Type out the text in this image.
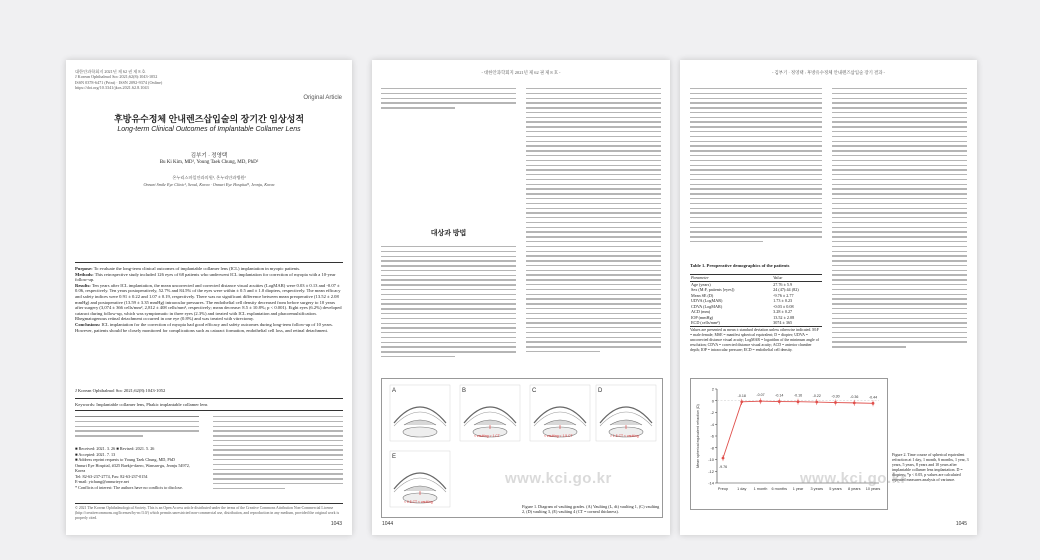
대한안과학회지 2021년 제 62 권 제 8 호
J Korean Ophthalmol Soc 2021;62(8):1043-1052
ISSN 0378-6471 (Print) · ISSN 2092-9374 (Online)
https://doi.org/10.3341/jkos.2021.62.8.1043
Original Article
후방유수정체 안내렌즈삽입술의 장기간 임상성적
Long-term Clinical Outcomes of Implantable Collamer Lens
김부기 · 정영택
Bu Ki Kim, MD¹, Young Taek Chung, MD, PhD²
온누리스마일안과의원¹, 온누리안과병원²
Onnuri Smile Eye Clinic¹, Seoul, Korea · Onnuri Eye Hospital², Jeonju, Korea
Purpose: To evaluate the long-term clinical outcomes of implantable collamer lens (ICL) implantation in myopic patients.
Methods: This retrospective study included 126 eyes of 68 patients who underwent ICL implantation for correction of myopia with a 10-year follow-up.
Results: Ten years after ICL implantation, the mean uncorrected and corrected distance visual acuities (LogMAR) were 0.03 ± 0.13 and -0.07 ± 0.06, respectively. Ten years postoperatively, 52.7% and 84.5% of the eyes were within ± 0.5 and ± 1.0 diopters, respectively. The mean efficacy and safety indices were 0.91 ± 0.22 and 1.07 ± 0.19, respectively. There was no significant difference between mean preoperative (13.52 ± 2.08 mmHg) and postoperative (13.59 ± 3.35 mmHg) intraocular pressures. The endothelial cell density decreased from before surgery to 10 years after surgery (3,074 ± 366 cells/mm², 2,812 ± 408 cells/mm², respectively; mean decrease: 8.5 ± 10.8%; p < 0.001). Eight eyes (6.2%) developed cataract during follow-up, which was symptomatic in three eyes (2.3%) and treated with ICL explantation and phacoemulsification. Rhegmatogenous retinal detachment occurred in one eye (0.8%) and was treated with vitrectomy.
Conclusions: ICL implantation for the correction of myopia had good efficacy and safety outcomes during long-term follow-up of 10 years. However, patients should be closely monitored for complications such as cataract formation, endothelial cell loss, and retinal detachment.
J Korean Ophthalmol Soc 2021;62(8):1043-1052
Keywords: Implantable collamer lens, Phakic implantable collamer lens
■ Received: 2021. 3. 26 ■ Revised: 2021. 5. 26
■ Accepted: 2021. 7. 13
■ Address reprint requests to Young Taek Chung, MD, PhD
Onnuri Eye Hospital, #325 Baekje-daero, Wansan-gu, Jeonju 54972, Korea
Tel: 82-63-237-2774, Fax: 82-63-237-0154
E-mail: ytchung@onnurieye.net
* Conflicts of interest: The authors have no conflicts to disclose.
© 2021 The Korean Ophthalmological Society. This is an Open Access article distributed under the terms of the Creative Commons Attribution Non-Commercial License (http://creativecommons.org/licenses/by-nc/3.0/) which permits unrestricted non-commercial use, distribution, and reproduction in any medium, provided the original work is properly cited.
1043
- 대한안과학회지 2021년 제 62 권 제 8 호 -
대상과 방법
A	B
< vaulting > 1 CT
C
< vaulting < 1.5 CT
D
> 1.5 CT < vaulting
E
< 0.5 CT < vaulting
Figure 1. Diagram of vaulting grades. (A) Vaulting (L, dt) vaulting 1, (C) vaulting 2, (D) vaulting 3, (E) vaulting 4 (CT = corneal thickness).
1044
- 김부기 · 정영택 : 후방유수정체 안내렌즈삽입술 장기 결과 -
Table 1. Preoperative demographics of the patients
Parameter	Value
Age (years)	27.76 ± 5.9
Sex (M:F, patients [eyes])	24 (47):44 (82)
Mean SE (D)	-9.76 ± 2.77
UDVA (LogMAR)	1.73 ± 0.23
CDVA (LogMAR)	-0.03 ± 0.08
ACD (mm)	3.28 ± 0.27
IOP (mmHg)	13.52 ± 2.08
ECD (cells/mm²)	3074 ± 365
Values are presented as mean ± standard deviation unless otherwise indicated. M:F = male:female; MSE = manifest spherical equivalent; D = diopter; UDVA = uncorrected distance visual acuity; LogMAR = logarithm of the minimum angle of resolution; CDVA = corrected distance visual acuity; ACD = anterior chamber depth; IOP = intraocular pressure; ECD = endothelial cell density.
-14
-12
-10
-8
-6
-4
-2
0
2
Mean spherical equivalent refraction (D)	-9.76
Preop
-0.18
1 day
-0.07
1 month
-0.14
6 months
-0.16
1 year
-0.22
3 years
-0.30
5 years
-0.36
8 years
-0.44
10 years
Figure 2. Time course of spherical equivalent refraction at 1 day, 1 month, 6 months, 1 year, 3 years, 5 years, 8 years and 10 years after implantable collamer lens implantation. D = diopters; *p < 0.05, p values are calculated repeated measures analysis of variance.
1045
www.kci.go.kr	www.kci.go.kr
